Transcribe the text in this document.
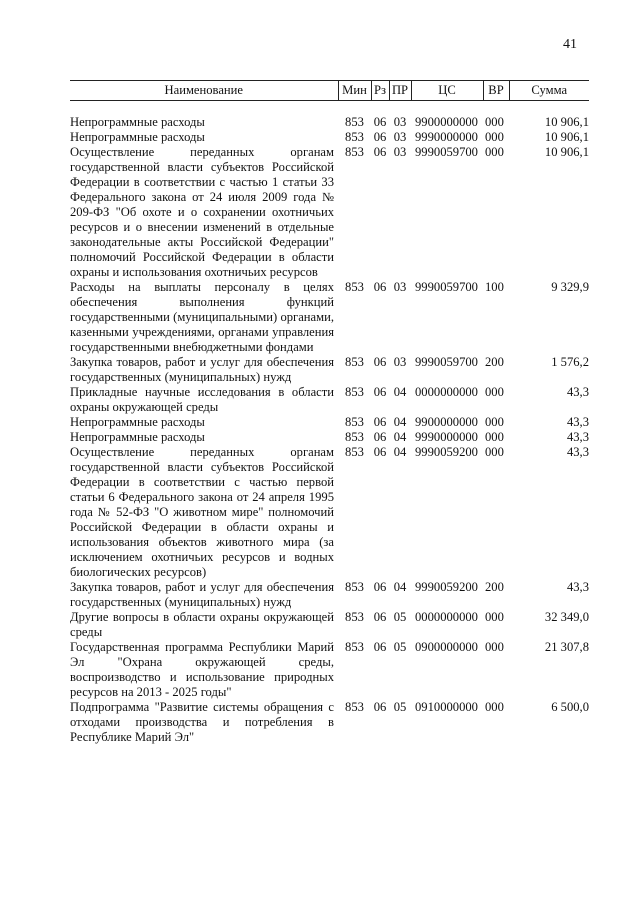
41
Наименование	Мин	Рз	ПР	ЦС	ВР	Сумма

Непрограммные расходы	853	06	03	9900000000	000	10 906,1
Непрограммные расходы	853	06	03	9990000000	000	10 906,1
Осуществление переданных органам государственной власти субъектов Российской Федерации в соответствии с частью 1 статьи 33 Федерального закона от 24 июля 2009 года № 209-ФЗ "Об охоте и о сохранении охотничьих ресурсов и о внесении изменений в отдельные законодательные акты Российской Федерации" полномочий Российской Федерации в области охраны и использования охотничьих ресурсов	853	06	03	9990059700	000	10 906,1
Расходы на выплаты персоналу в целях обеспечения выполнения функций государственными (муниципальными) органами, казенными учреждениями, органами управления государственными внебюджетными фондами	853	06	03	9990059700	100	9 329,9
Закупка товаров, работ и услуг для обеспечения государственных (муниципальных) нужд	853	06	03	9990059700	200	1 576,2
Прикладные научные исследования в области охраны окружающей среды	853	06	04	0000000000	000	43,3
Непрограммные расходы	853	06	04	9900000000	000	43,3
Непрограммные расходы	853	06	04	9990000000	000	43,3
Осуществление переданных органам государственной власти субъектов Российской Федерации в соответствии с частью первой статьи 6 Федерального закона от 24 апреля 1995 года № 52-ФЗ "О животном мире" полномочий Российской Федерации в области охраны и использования объектов животного мира (за исключением охотничьих ресурсов и водных биологических ресурсов)	853	06	04	9990059200	000	43,3
Закупка товаров, работ и услуг для обеспечения государственных (муниципальных) нужд	853	06	04	9990059200	200	43,3
Другие вопросы в области охраны окружающей среды	853	06	05	0000000000	000	32 349,0
Государственная программа Республики Марий Эл "Охрана окружающей среды, воспроизводство и использование природных ресурсов на 2013 - 2025 годы"	853	06	05	0900000000	000	21 307,8
Подпрограмма "Развитие системы обращения с отходами производства и потребления в Республике Марий Эл"	853	06	05	0910000000	000	6 500,0
